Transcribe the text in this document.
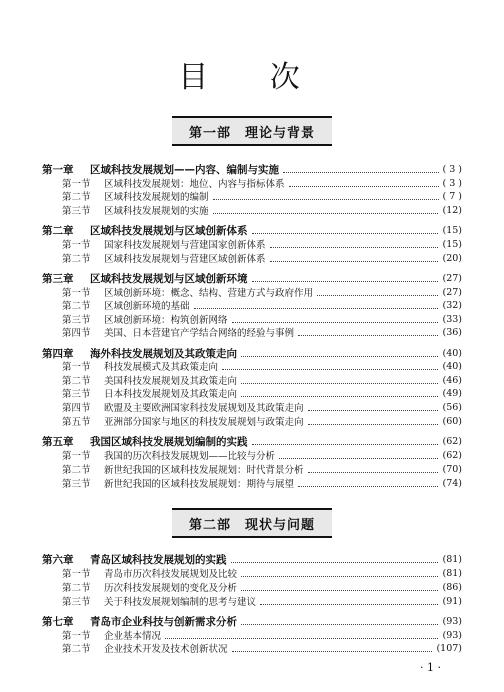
目 次
第一部 理论与背景
第一章	区域科技发展规划——内容、编制与实施	( 3 )
第一节	区域科技发展规划：地位、内容与指标体系	( 3 )
第二节	区域科技发展规划的编制	( 7 )
第三节	区域科技发展规划的实施	(12)
第二章	区域科技发展规划与区域创新体系	(15)
第一节	国家科技发展规划与营建国家创新体系	(15)
第二节	区域科技发展规划与营建区域创新体系	(20)
第三章	区域科技发展规划与区域创新环境	(27)
第一节	区域创新环境：概念、结构、营建方式与政府作用	(27)
第二节	区域创新环境的基础	(32)
第三节	区域创新环境：构筑创新网络	(33)
第四节	美国、日本营建官产学结合网络的经验与事例	(36)
第四章	海外科技发展规划及其政策走向	(40)
第一节	科技发展模式及其政策走向	(40)
第二节	美国科技发展规划及其政策走向	(46)
第三节	日本科技发展规划及其政策走向	(49)
第四节	欧盟及主要欧洲国家科技发展规划及其政策走向	(56)
第五节	亚洲部分国家与地区的科技发展规划与政策走向	(60)
第五章	我国区域科技发展规划编制的实践	(62)
第一节	我国的历次科技发展规划——比较与分析	(62)
第二节	新世纪我国的区域科技发展规划：时代背景分析	(70)
第三节	新世纪我国的区域科技发展规划：期待与展望	(74)
第二部 现状与问题
第六章	青岛区域科技发展规划的实践	(81)
第一节	青岛市历次科技发展规划及比较	(81)
第二节	历次科技发展规划的变化及分析	(86)
第三节	关于科技发展规划编制的思考与建议	(91)
第七章	青岛市企业科技与创新需求分析	(93)
第一节	企业基本情况	(93)
第二节	企业技术开发及技术创新状况	(107)
· 1 ·
